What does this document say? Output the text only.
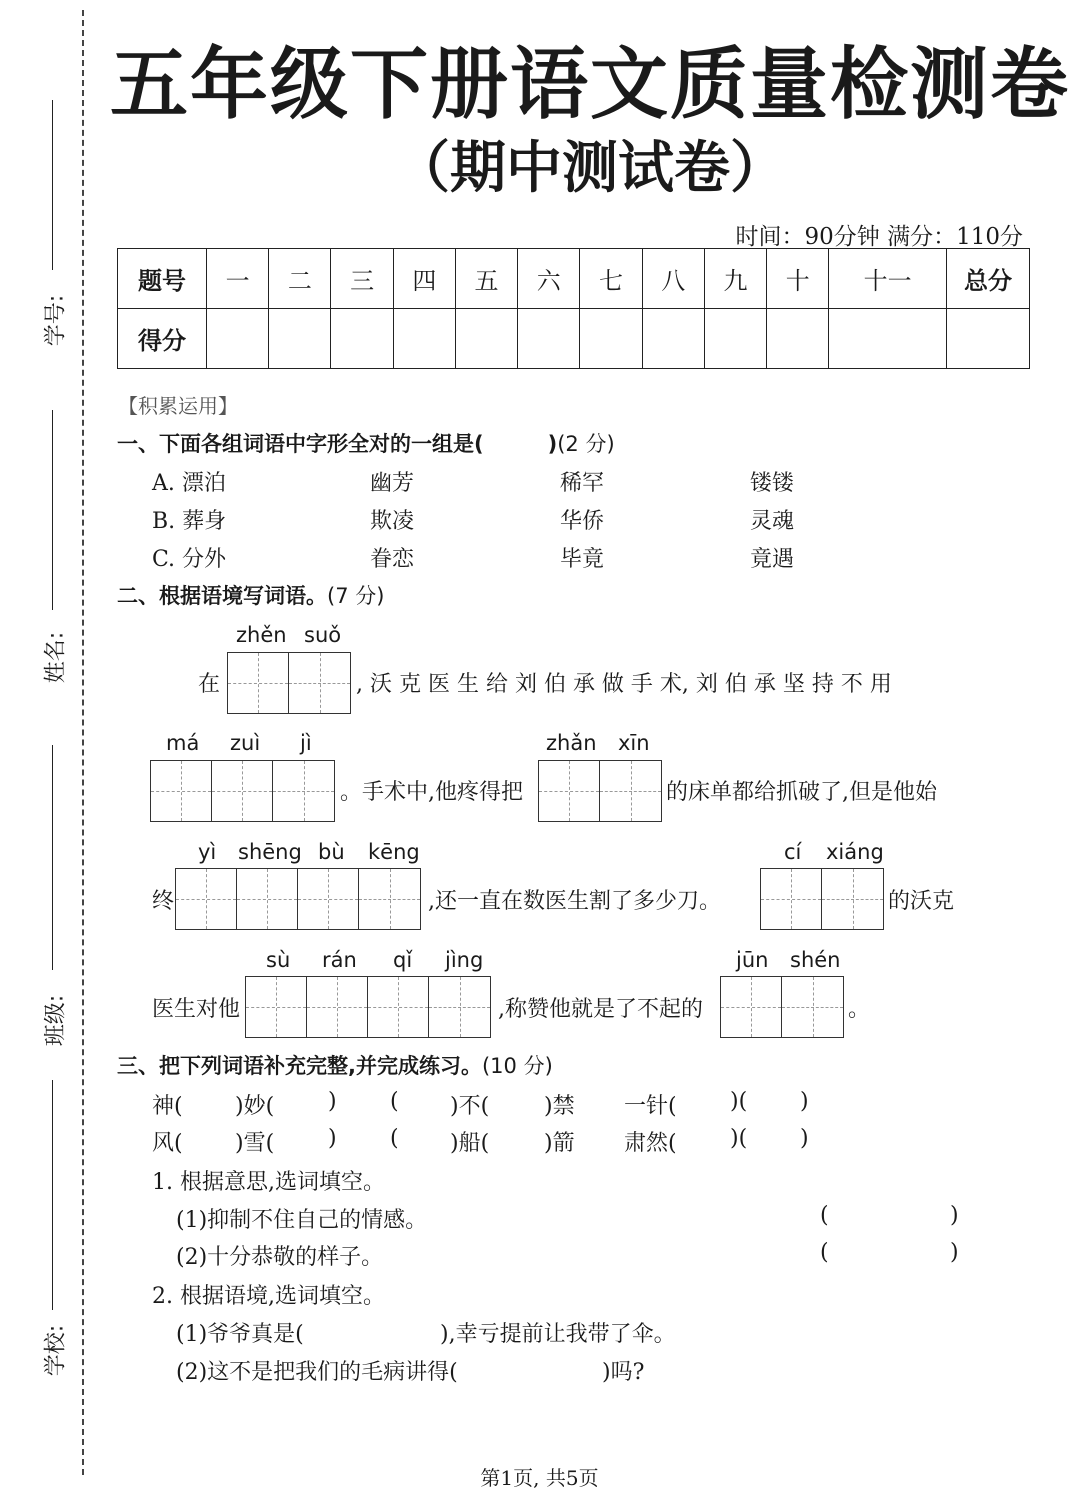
学号:
姓名:
班级:
学校:
五年级下册语文质量检测卷
（期中测试卷）
时间：90分钟 满分：110分
题号	一	二	三	四	五	六	七	八	九	十	十一	总分
得分												
【积累运用】
一、下面各组词语中字形全对的一组是(	)(2 分)
A. 漂泊	幽芳	稀罕	镂镂
B. 葬身	欺凌	华侨	灵魂
C. 分外	眷恋	毕竟	竟遇
二、根据语境写词语。(7 分)
zhěn suǒ
在	, 沃 克 医 生 给 刘 伯 承 做 手 术, 刘 伯 承 坚 持 不 用
má zuì jì
。手术中,他疼得把
zhǎn xīn
的床单都给抓破了,但是他始
yì shēng bù kēng
终	,还一直在数医生割了多少刀。
cí xiáng
的沃克
sù rán qǐ jìng
医生对他	,称赞他就是了不起的
jūn shén
。
三、把下列词语补充完整,并完成练习。(10 分)
神( )妙( ) ( )不( )禁 一针( )( )
风( )雪( ) ( )船( )箭 肃然( )( )
1. 根据意思,选词填空。
(1)抑制不住自己的情感。	(	)
(2)十分恭敬的样子。	(	)
2. 根据语境,选词填空。
(1)爷爷真是(	),幸亏提前让我带了伞。
(2)这不是把我们的毛病讲得(	)吗?
第1页, 共5页
